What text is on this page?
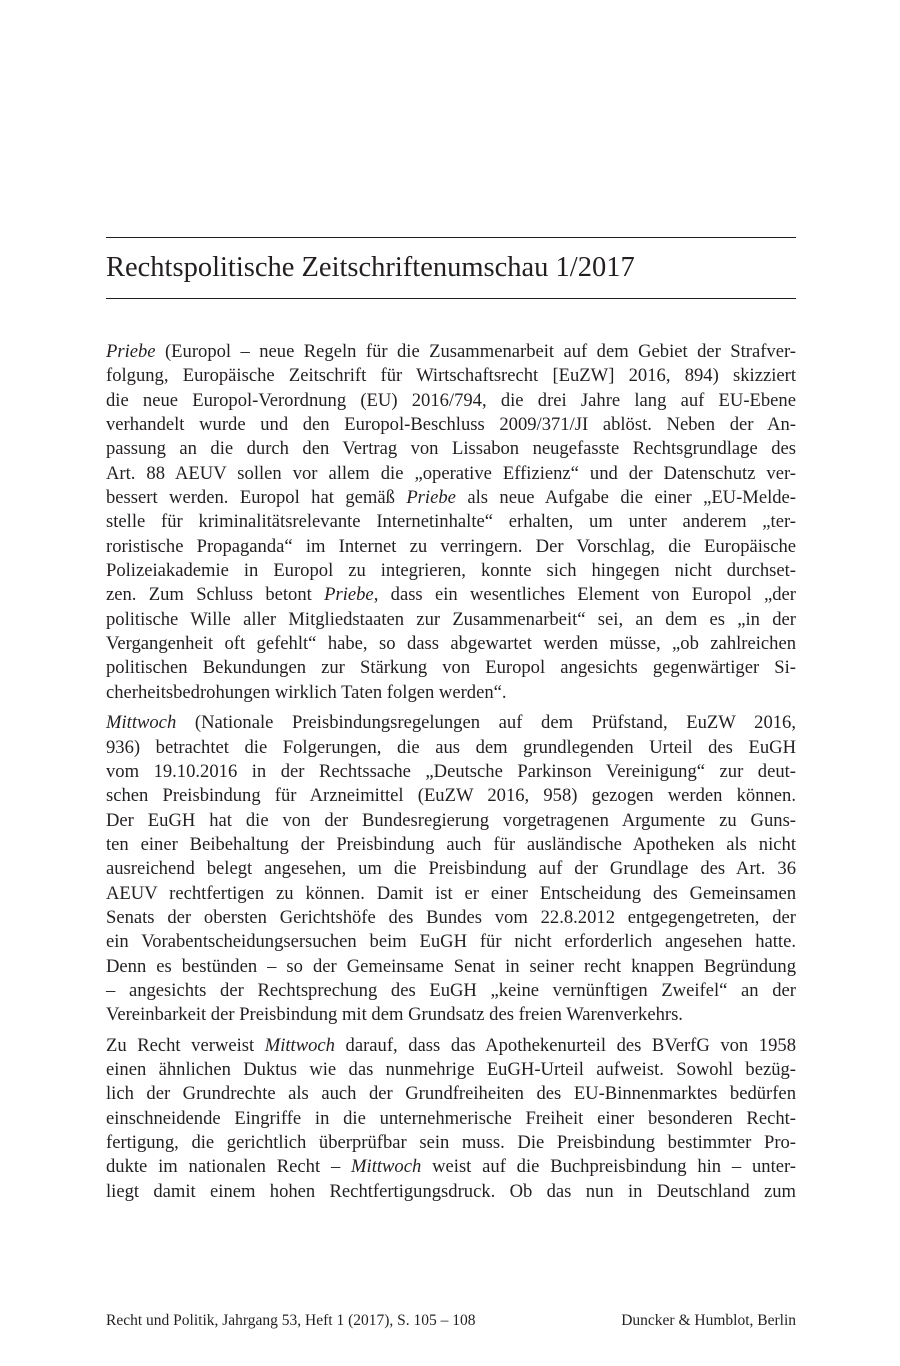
Rechtspolitische Zeitschriftenumschau 1/2017

Priebe (Europol – neue Regeln für die Zusammenarbeit auf dem Gebiet der Strafver-
folgung, Europäische Zeitschrift für Wirtschaftsrecht [EuZW] 2016, 894) skizziert
die neue Europol-Verordnung (EU) 2016/794, die drei Jahre lang auf EU-Ebene
verhandelt wurde und den Europol-Beschluss 2009/371/JI ablöst. Neben der An-
passung an die durch den Vertrag von Lissabon neugefasste Rechtsgrundlage des
Art. 88 AEUV sollen vor allem die „operative Effizienz“ und der Datenschutz ver-
bessert werden. Europol hat gemäß Priebe als neue Aufgabe die einer „EU-Melde-
stelle für kriminalitätsrelevante Internetinhalte“ erhalten, um unter anderem „ter-
roristische Propaganda“ im Internet zu verringern. Der Vorschlag, die Europäische
Polizeiakademie in Europol zu integrieren, konnte sich hingegen nicht durchset-
zen. Zum Schluss betont Priebe, dass ein wesentliches Element von Europol „der
politische Wille aller Mitgliedstaaten zur Zusammenarbeit“ sei, an dem es „in der
Vergangenheit oft gefehlt“ habe, so dass abgewartet werden müsse, „ob zahlreichen
politischen Bekundungen zur Stärkung von Europol angesichts gegenwärtiger Si-
cherheitsbedrohungen wirklich Taten folgen werden“.

Mittwoch (Nationale Preisbindungsregelungen auf dem Prüfstand, EuZW 2016,
936) betrachtet die Folgerungen, die aus dem grundlegenden Urteil des EuGH
vom 19.10.2016 in der Rechtssache „Deutsche Parkinson Vereinigung“ zur deut-
schen Preisbindung für Arzneimittel (EuZW 2016, 958) gezogen werden können.
Der EuGH hat die von der Bundesregierung vorgetragenen Argumente zu Guns-
ten einer Beibehaltung der Preisbindung auch für ausländische Apotheken als nicht
ausreichend belegt angesehen, um die Preisbindung auf der Grundlage des Art. 36
AEUV rechtfertigen zu können. Damit ist er einer Entscheidung des Gemeinsamen
Senats der obersten Gerichtshöfe des Bundes vom 22.8.2012 entgegengetreten, der
ein Vorabentscheidungsersuchen beim EuGH für nicht erforderlich angesehen hatte.
Denn es bestünden – so der Gemeinsame Senat in seiner recht knappen Begründung
– angesichts der Rechtsprechung des EuGH „keine vernünftigen Zweifel“ an der
Vereinbarkeit der Preisbindung mit dem Grundsatz des freien Warenverkehrs.

Zu Recht verweist Mittwoch darauf, dass das Apothekenurteil des BVerfG von 1958
einen ähnlichen Duktus wie das nunmehrige EuGH-Urteil aufweist. Sowohl bezüg-
lich der Grundrechte als auch der Grundfreiheiten des EU-Binnenmarktes bedürfen
einschneidende Eingriffe in die unternehmerische Freiheit einer besonderen Recht-
fertigung, die gerichtlich überprüfbar sein muss. Die Preisbindung bestimmter Pro-
dukte im nationalen Recht – Mittwoch weist auf die Buchpreisbindung hin – unter-
liegt damit einem hohen Rechtfertigungsdruck. Ob das nun in Deutschland zum

Recht und Politik, Jahrgang 53, Heft 1 (2017), S. 105 – 108	Duncker & Humblot, Berlin
